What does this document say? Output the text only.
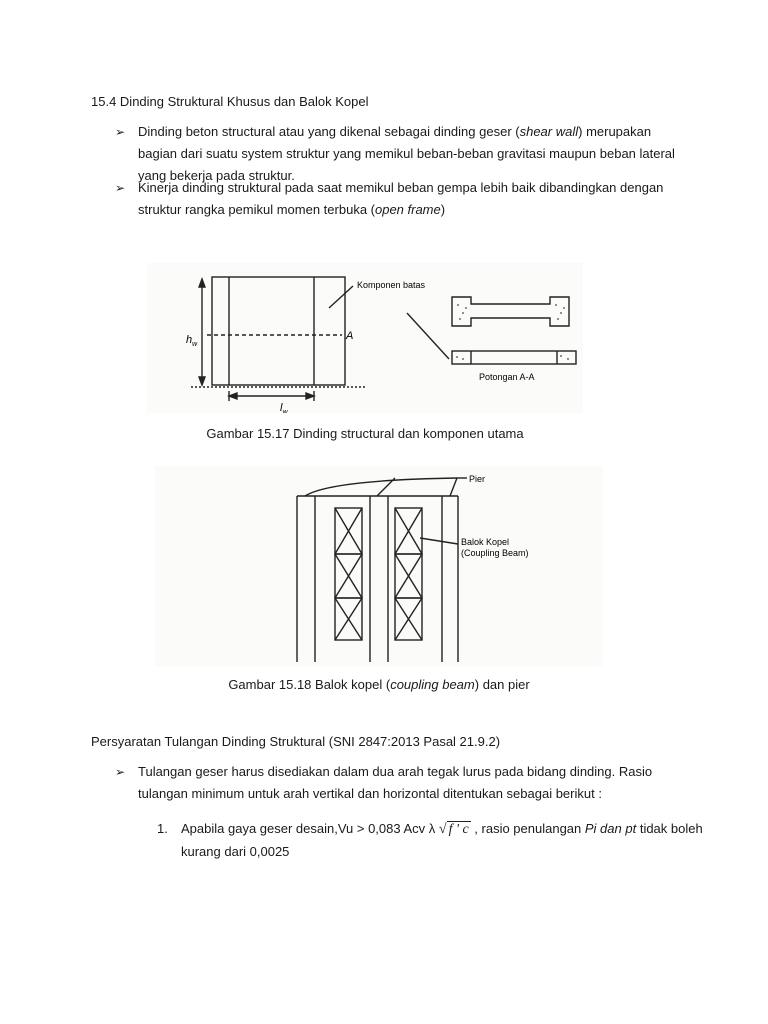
15.4 Dinding Struktural Khusus dan Balok Kopel
➢ Dinding beton structural atau yang dikenal sebagai dinding geser (shear wall) merupakan bagian dari suatu system struktur yang memikul beban-beban gravitasi maupun beban lateral yang bekerja pada struktur.
➢ Kinerja dinding struktural pada saat memikul beban gempa lebih baik dibandingkan dengan struktur rangka pemikul momen terbuka (open frame)
$h_w$
$l_w$
A
Komponen batas
Potongan A-A
Gambar 15.17 Dinding structural dan komponen utama
Pier
Balok Kopel
(Coupling Beam)
Gambar 15.18 Balok kopel (coupling beam) dan pier
Persyaratan Tulangan Dinding Struktural (SNI 2847:2013 Pasal 21.9.2)
➢ Tulangan geser harus disediakan dalam dua arah tegak lurus pada bidang dinding. Rasio tulangan minimum untuk arah vertikal dan horizontal ditentukan sebagai berikut :
1. Apabila gaya geser desain,Vu > 0,083 Acv λ √ f ' c , rasio penulangan Pi dan pt tidak boleh kurang dari 0,0025
